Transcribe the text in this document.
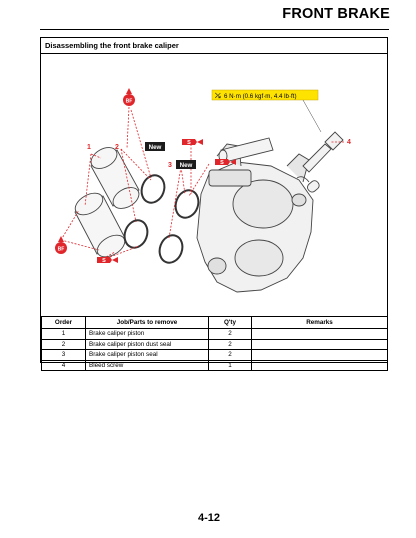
FRONT BRAKE
Disassembling the front brake caliper
BF
BF
S
S
S
New
New
1	2
3
4
⤯ 6 N·m (0.6 kgf·m, 4.4 lb·ft)
Order	Job/Parts to remove	Q'ty	Remarks
1	Brake caliper piston	2	
2	Brake caliper piston dust seal	2	
3	Brake caliper piston seal	2	
4	Bleed screw	1	
4-12
